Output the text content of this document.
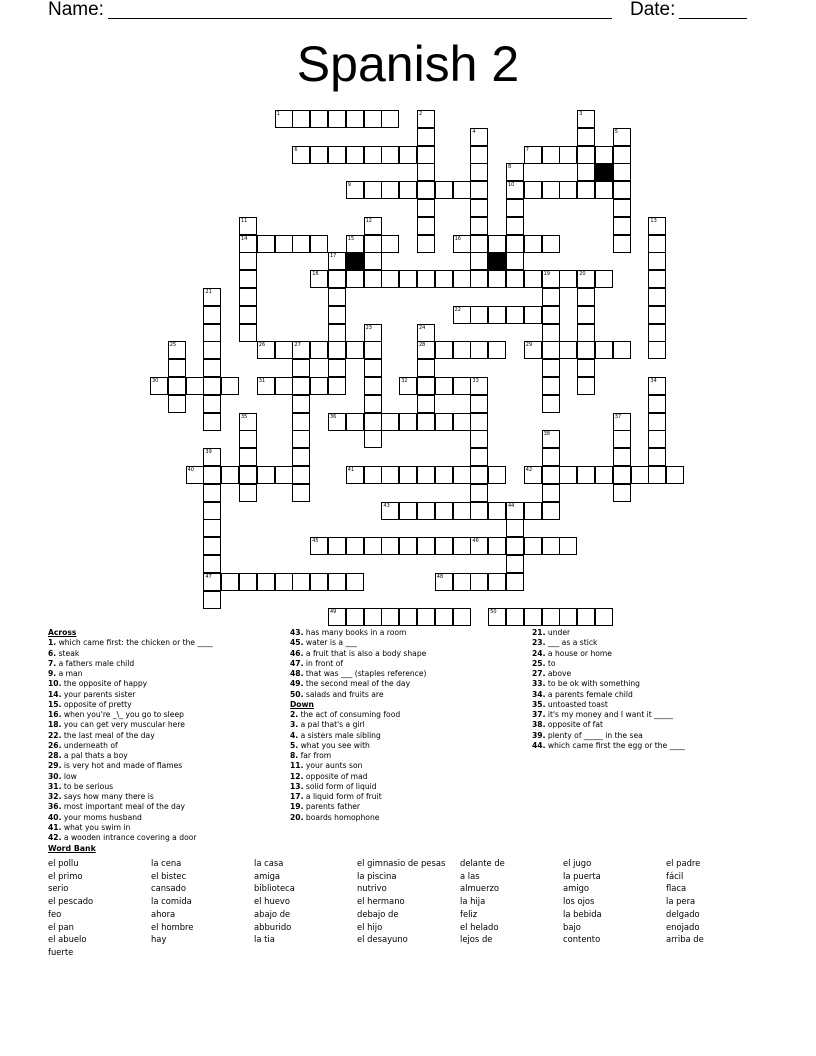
Name:	Date:
Spanish 2
1	2	3
4	5
6	7
8
10
9
11
14
12	13
15	16
17
18	19	20
21
22
23	24
28
25	26	27	29
30	31	32	33	34
35	36	37
38
39
47
40	41	42
43	44
45	46
48
49	50
Across
1. which came first: the chicken or the ____
6. steak
7. a fathers male child
9. a man
10. the opposite of happy
14. your parents sister
15. opposite of pretty
16. when you're _\_ you go to sleep
18. you can get very muscular here
22. the last meal of the day
26. underneath of
28. a pal thats a boy
29. is very hot and made of flames
30. low
31. to be serious
32. says how many there is
36. most important meal of the day
40. your moms husband
41. what you swim in
42. a wooden intrance covering a door
43. has many books in a room
45. water is a ___
46. a fruit that is also a body shape
47. in front of
48. that was ___ (staples reference)
49. the second meal of the day
50. salads and fruits are
Down
2. the act of consuming food
3. a pal that's a girl
4. a sisters male sibling
5. what you see with
8. far from
11. your aunts son
12. opposite of mad
13. solid form of liquid
17. a liquid form of fruit
19. parents father
20. boards homophone
21. under
23. ___ as a stick
24. a house or home
25. to
27. above
33. to be ok with something
34. a parents female child
35. untoasted toast
37. it's my money and I want it _____
38. opposite of fat
39. plenty of _____ in the sea
44. which came first the egg or the ____
Word Bank
el pollu
el primo
serio
el pescado
feo
el pan
el abuelo
fuerte
la cena
el bistec
cansado
la comida
ahora
el hombre
hay
la casa
amiga
biblioteca
el huevo
abajo de
abburido
la tia
el gimnasio de pesas
la piscina
nutrivo
el hermano
debajo de
el hijo
el desayuno
delante de
a las
almuerzo
la hija
feliz
el helado
lejos de
el jugo
la puerta
amigo
los ojos
la bebida
bajo
contento
el padre
fácil
flaca
la pera
delgado
enojado
arriba de
